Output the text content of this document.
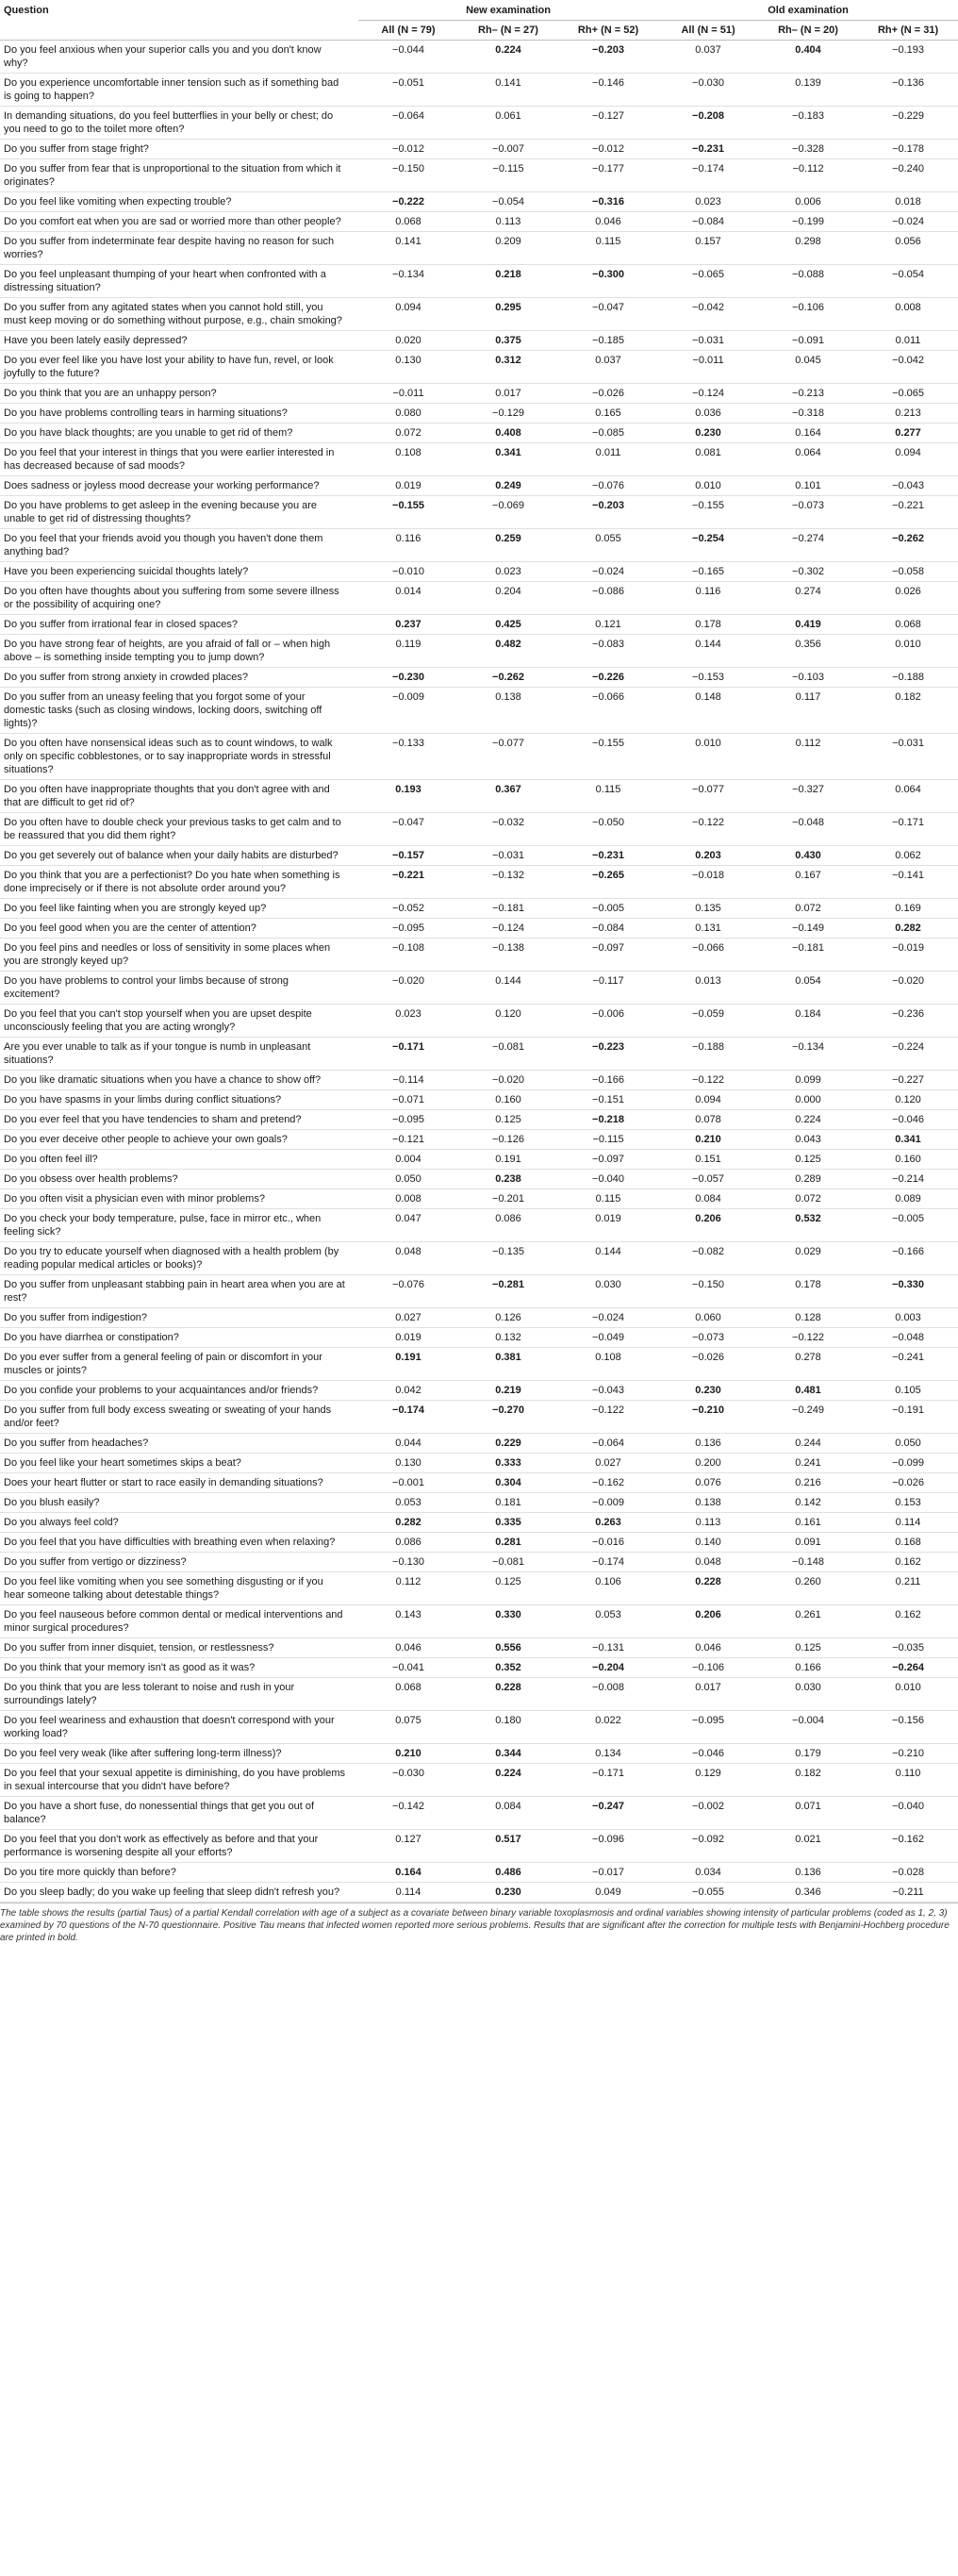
Question	New examination			Old examination		
	All (N = 79)	Rh– (N = 27)	Rh+ (N = 52)	All (N = 51)	Rh– (N = 20)	Rh+ (N = 31)
Do you feel anxious when your superior calls you and you don't know why?	−0.044	0.224	−0.203	0.037	0.404	−0.193
Do you experience uncomfortable inner tension such as if something bad is going to happen?	−0.051	0.141	−0.146	−0.030	0.139	−0.136
In demanding situations, do you feel butterflies in your belly or chest; do you need to go to the toilet more often?	−0.064	0.061	−0.127	−0.208	−0.183	−0.229
Do you suffer from stage fright?	−0.012	−0.007	−0.012	−0.231	−0.328	−0.178
Do you suffer from fear that is unproportional to the situation from which it originates?	−0.150	−0.115	−0.177	−0.174	−0.112	−0.240
Do you feel like vomiting when expecting trouble?	−0.222	−0.054	−0.316	0.023	0.006	0.018
Do you comfort eat when you are sad or worried more than other people?	0.068	0.113	0.046	−0.084	−0.199	−0.024
Do you suffer from indeterminate fear despite having no reason for such worries?	0.141	0.209	0.115	0.157	0.298	0.056
Do you feel unpleasant thumping of your heart when confronted with a distressing situation?	−0.134	0.218	−0.300	−0.065	−0.088	−0.054
Do you suffer from any agitated states when you cannot hold still, you must keep moving or do something without purpose, e.g., chain smoking?	0.094	0.295	−0.047	−0.042	−0.106	0.008
Have you been lately easily depressed?	0.020	0.375	−0.185	−0.031	−0.091	0.011
Do you ever feel like you have lost your ability to have fun, revel, or look joyfully to the future?	0.130	0.312	0.037	−0.011	0.045	−0.042
Do you think that you are an unhappy person?	−0.011	0.017	−0.026	−0.124	−0.213	−0.065
Do you have problems controlling tears in harming situations?	0.080	−0.129	0.165	0.036	−0.318	0.213
Do you have black thoughts; are you unable to get rid of them?	0.072	0.408	−0.085	0.230	0.164	0.277
Do you feel that your interest in things that you were earlier interested in has decreased because of sad moods?	0.108	0.341	0.011	0.081	0.064	0.094
Does sadness or joyless mood decrease your working performance?	0.019	0.249	−0.076	0.010	0.101	−0.043
Do you have problems to get asleep in the evening because you are unable to get rid of distressing thoughts?	−0.155	−0.069	−0.203	−0.155	−0.073	−0.221
Do you feel that your friends avoid you though you haven't done them anything bad?	0.116	0.259	0.055	−0.254	−0.274	−0.262
Have you been experiencing suicidal thoughts lately?	−0.010	0.023	−0.024	−0.165	−0.302	−0.058
Do you often have thoughts about you suffering from some severe illness or the possibility of acquiring one?	0.014	0.204	−0.086	0.116	0.274	0.026
Do you suffer from irrational fear in closed spaces?	0.237	0.425	0.121	0.178	0.419	0.068
Do you have strong fear of heights, are you afraid of fall or – when high above – is something inside tempting you to jump down?	0.119	0.482	−0.083	0.144	0.356	0.010
Do you suffer from strong anxiety in crowded places?	−0.230	−0.262	−0.226	−0.153	−0.103	−0.188
Do you suffer from an uneasy feeling that you forgot some of your domestic tasks (such as closing windows, locking doors, switching off lights)?	−0.009	0.138	−0.066	0.148	0.117	0.182
Do you often have nonsensical ideas such as to count windows, to walk only on specific cobblestones, or to say inappropriate words in stressful situations?	−0.133	−0.077	−0.155	0.010	0.112	−0.031
Do you often have inappropriate thoughts that you don't agree with and that are difficult to get rid of?	0.193	0.367	0.115	−0.077	−0.327	0.064
Do you often have to double check your previous tasks to get calm and to be reassured that you did them right?	−0.047	−0.032	−0.050	−0.122	−0.048	−0.171
Do you get severely out of balance when your daily habits are disturbed?	−0.157	−0.031	−0.231	0.203	0.430	0.062
Do you think that you are a perfectionist? Do you hate when something is done imprecisely or if there is not absolute order around you?	−0.221	−0.132	−0.265	−0.018	0.167	−0.141
Do you feel like fainting when you are strongly keyed up?	−0.052	−0.181	−0.005	0.135	0.072	0.169
Do you feel good when you are the center of attention?	−0.095	−0.124	−0.084	0.131	−0.149	0.282
Do you feel pins and needles or loss of sensitivity in some places when you are strongly keyed up?	−0.108	−0.138	−0.097	−0.066	−0.181	−0.019
Do you have problems to control your limbs because of strong excitement?	−0.020	0.144	−0.117	0.013	0.054	−0.020
Do you feel that you can't stop yourself when you are upset despite unconsciously feeling that you are acting wrongly?	0.023	0.120	−0.006	−0.059	0.184	−0.236
Are you ever unable to talk as if your tongue is numb in unpleasant situations?	−0.171	−0.081	−0.223	−0.188	−0.134	−0.224
Do you like dramatic situations when you have a chance to show off?	−0.114	−0.020	−0.166	−0.122	0.099	−0.227
Do you have spasms in your limbs during conflict situations?	−0.071	0.160	−0.151	0.094	0.000	0.120
Do you ever feel that you have tendencies to sham and pretend?	−0.095	0.125	−0.218	0.078	0.224	−0.046
Do you ever deceive other people to achieve your own goals?	−0.121	−0.126	−0.115	0.210	0.043	0.341
Do you often feel ill?	0.004	0.191	−0.097	0.151	0.125	0.160
Do you obsess over health problems?	0.050	0.238	−0.040	−0.057	0.289	−0.214
Do you often visit a physician even with minor problems?	0.008	−0.201	0.115	0.084	0.072	0.089
Do you check your body temperature, pulse, face in mirror etc., when feeling sick?	0.047	0.086	0.019	0.206	0.532	−0.005
Do you try to educate yourself when diagnosed with a health problem (by reading popular medical articles or books)?	0.048	−0.135	0.144	−0.082	0.029	−0.166
Do you suffer from unpleasant stabbing pain in heart area when you are at rest?	−0.076	−0.281	0.030	−0.150	0.178	−0.330
Do you suffer from indigestion?	0.027	0.126	−0.024	0.060	0.128	0.003
Do you have diarrhea or constipation?	0.019	0.132	−0.049	−0.073	−0.122	−0.048
Do you ever suffer from a general feeling of pain or discomfort in your muscles or joints?	0.191	0.381	0.108	−0.026	0.278	−0.241
Do you confide your problems to your acquaintances and/or friends?	0.042	0.219	−0.043	0.230	0.481	0.105
Do you suffer from full body excess sweating or sweating of your hands and/or feet?	−0.174	−0.270	−0.122	−0.210	−0.249	−0.191
Do you suffer from headaches?	0.044	0.229	−0.064	0.136	0.244	0.050
Do you feel like your heart sometimes skips a beat?	0.130	0.333	0.027	0.200	0.241	−0.099
Does your heart flutter or start to race easily in demanding situations?	−0.001	0.304	−0.162	0.076	0.216	−0.026
Do you blush easily?	0.053	0.181	−0.009	0.138	0.142	0.153
Do you always feel cold?	0.282	0.335	0.263	0.113	0.161	0.114
Do you feel that you have difficulties with breathing even when relaxing?	0.086	0.281	−0.016	0.140	0.091	0.168
Do you suffer from vertigo or dizziness?	−0.130	−0.081	−0.174	0.048	−0.148	0.162
Do you feel like vomiting when you see something disgusting or if you hear someone talking about detestable things?	0.112	0.125	0.106	0.228	0.260	0.211
Do you feel nauseous before common dental or medical interventions and minor surgical procedures?	0.143	0.330	0.053	0.206	0.261	0.162
Do you suffer from inner disquiet, tension, or restlessness?	0.046	0.556	−0.131	0.046	0.125	−0.035
Do you think that your memory isn't as good as it was?	−0.041	0.352	−0.204	−0.106	0.166	−0.264
Do you think that you are less tolerant to noise and rush in your surroundings lately?	0.068	0.228	−0.008	0.017	0.030	0.010
Do you feel weariness and exhaustion that doesn't correspond with your working load?	0.075	0.180	0.022	−0.095	−0.004	−0.156
Do you feel very weak (like after suffering long-term illness)?	0.210	0.344	0.134	−0.046	0.179	−0.210
Do you feel that your sexual appetite is diminishing, do you have problems in sexual intercourse that you didn't have before?	−0.030	0.224	−0.171	0.129	0.182	0.110
Do you have a short fuse, do nonessential things that get you out of balance?	−0.142	0.084	−0.247	−0.002	0.071	−0.040
Do you feel that you don't work as effectively as before and that your performance is worsening despite all your efforts?	0.127	0.517	−0.096	−0.092	0.021	−0.162
Do you tire more quickly than before?	0.164	0.486	−0.017	0.034	0.136	−0.028
Do you sleep badly; do you wake up feeling that sleep didn't refresh you?	0.114	0.230	0.049	−0.055	0.346	−0.211

The table shows the results (partial Taus) of a partial Kendall correlation with age of a subject as a covariate between binary variable toxoplasmosis and ordinal variables showing intensity of particular problems (coded as 1, 2, 3) examined by 70 questions of the N-70 questionnaire. Positive Tau means that infected women reported more serious problems. Results that are significant after the correction for multiple tests with Benjamini-Hochberg procedure are printed in bold.
